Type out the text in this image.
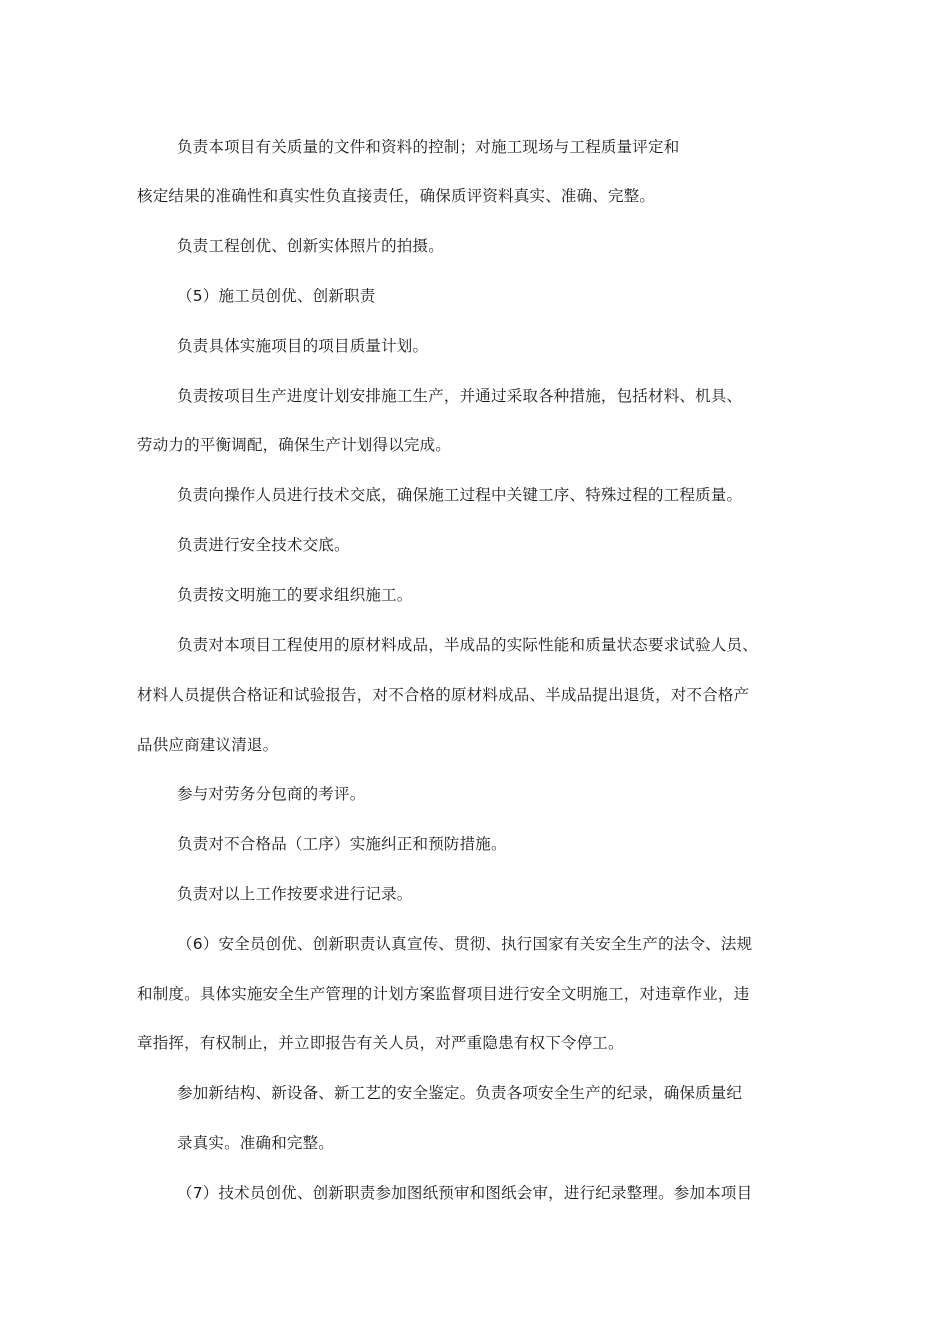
负责本项目有关质量的文件和资料的控制；对施工现场与工程质量评定和
核定结果的准确性和真实性负直接责任，确保质评资料真实、准确、完整。
负责工程创优、创新实体照片的拍摄。
（5）施工员创优、创新职责
负责具体实施项目的项目质量计划。
负责按项目生产进度计划安排施工生产，并通过采取各种措施，包括材料、机具、
劳动力的平衡调配，确保生产计划得以完成。
负责向操作人员进行技术交底，确保施工过程中关键工序、特殊过程的工程质量。
负责进行安全技术交底。
负责按文明施工的要求组织施工。
负责对本项目工程使用的原材料成品，半成品的实际性能和质量状态要求试验人员、
材料人员提供合格证和试验报告，对不合格的原材料成品、半成品提出退货，对不合格产
品供应商建议清退。
参与对劳务分包商的考评。
负责对不合格品（工序）实施纠正和预防措施。
负责对以上工作按要求进行记录。
（6）安全员创优、创新职责认真宣传、贯彻、执行国家有关安全生产的法令、法规
和制度。具体实施安全生产管理的计划方案监督项目进行安全文明施工，对违章作业，违
章指挥，有权制止，并立即报告有关人员，对严重隐患有权下令停工。
参加新结构、新设备、新工艺的安全鉴定。负责各项安全生产的纪录，确保质量纪
录真实。准确和完整。
（7）技术员创优、创新职责参加图纸预审和图纸会审，进行纪录整理。参加本项目
